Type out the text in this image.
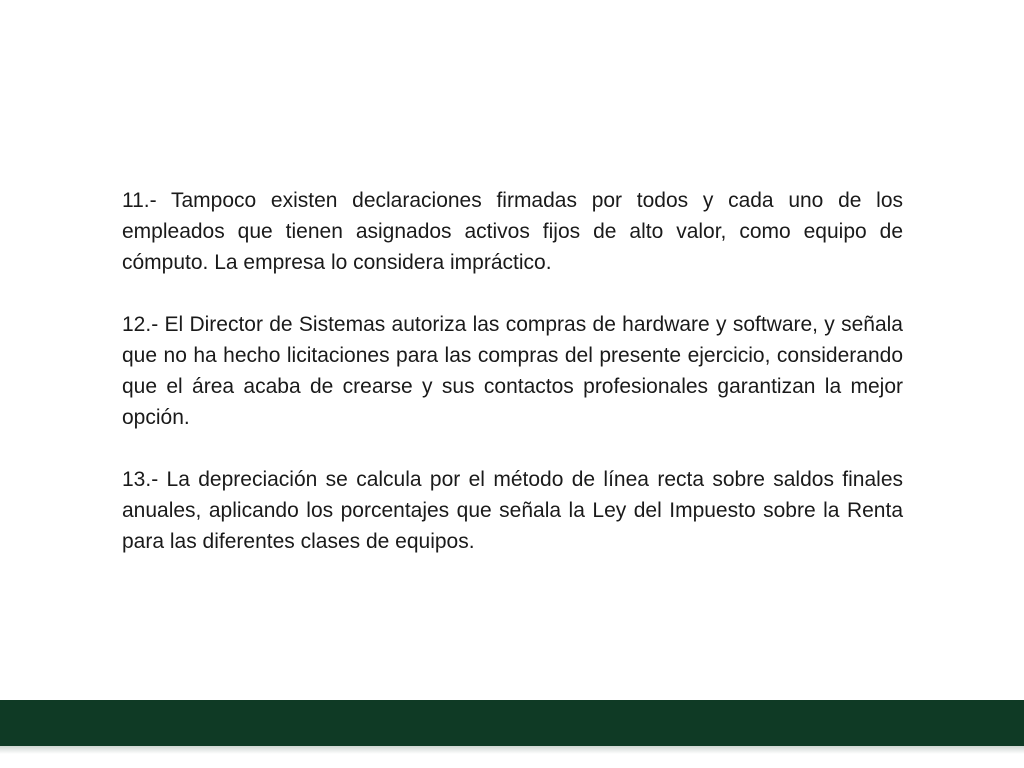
11.- Tampoco existen declaraciones firmadas por todos y cada uno de los empleados que tienen asignados activos fijos de alto valor, como equipo de cómputo. La empresa lo considera impráctico.

12.- El Director de Sistemas autoriza las compras de hardware y software, y señala que no ha hecho licitaciones para las compras del presente ejercicio, considerando que el área acaba de crearse y sus contactos profesionales garantizan la mejor opción.

13.- La depreciación se calcula por el método de línea recta sobre saldos finales anuales, aplicando los porcentajes que señala la Ley del Impuesto sobre la Renta para las diferentes clases de equipos.
